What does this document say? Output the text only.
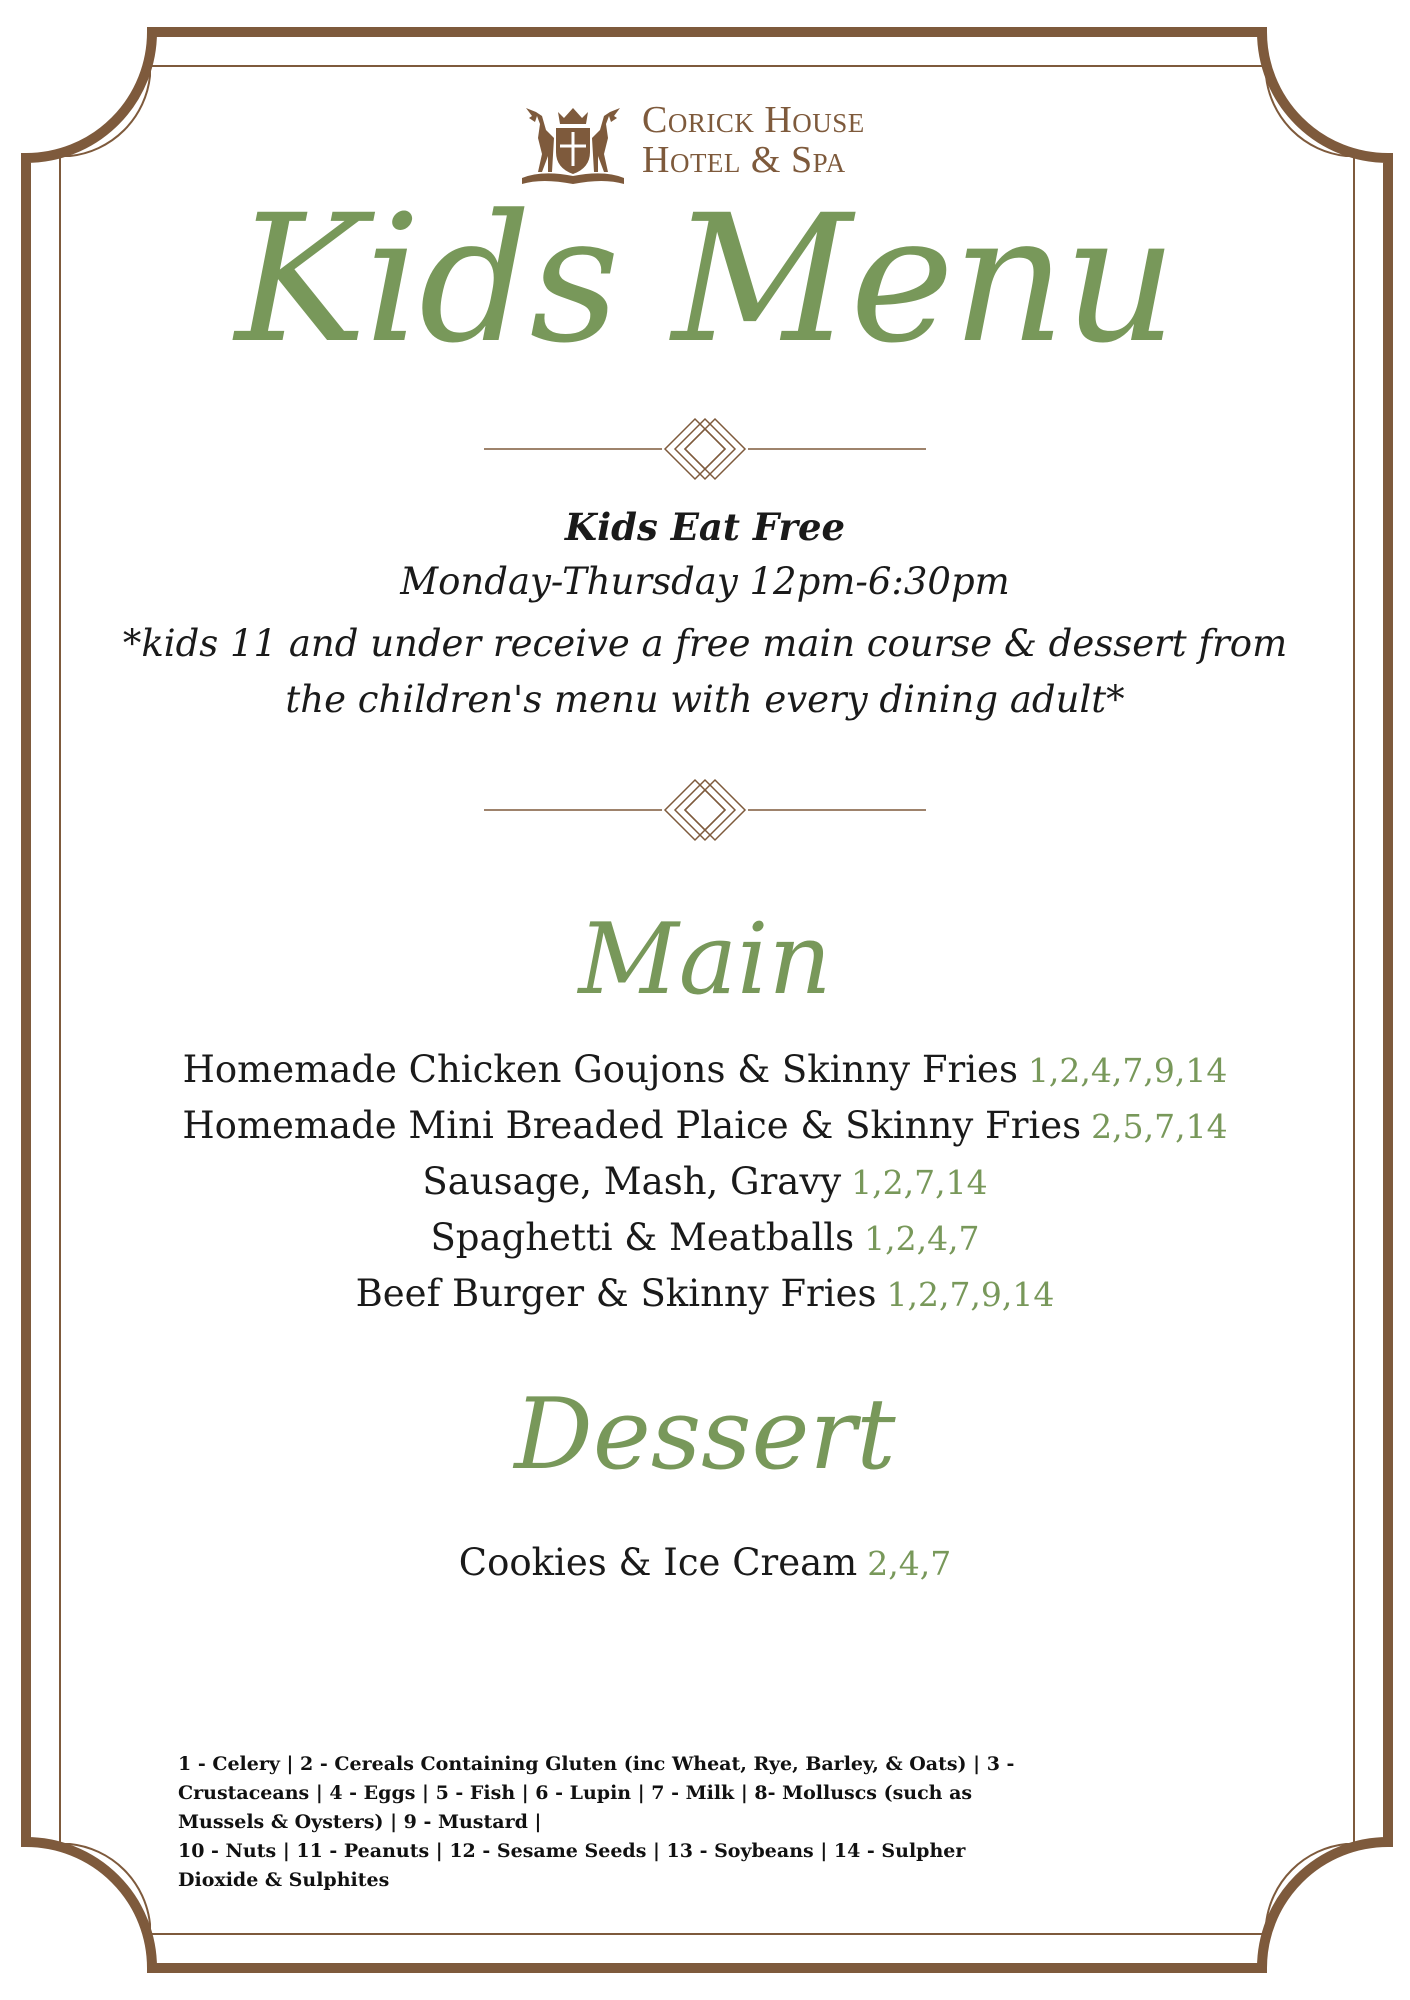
Corick House
Hotel & Spa
Kids Menu
Kids Eat Free
Monday-Thursday 12pm-6:30pm
*kids 11 and under receive a free main course & dessert from the children's menu with every dining adult*
Main
Homemade Chicken Goujons & Skinny Fries 1,2,4,7,9,14
Homemade Mini Breaded Plaice & Skinny Fries 2,5,7,14
Sausage, Mash, Gravy 1,2,7,14
Spaghetti & Meatballs 1,2,4,7
Beef Burger & Skinny Fries 1,2,7,9,14
Dessert
Cookies & Ice Cream 2,4,7

1 - Celery | 2 - Cereals Containing Gluten (inc Wheat, Rye, Barley, & Oats) | 3 - Crustaceans | 4 - Eggs | 5 - Fish | 6 - Lupin | 7 - Milk | 8- Molluscs (such as Mussels & Oysters) | 9 - Mustard |

10 - Nuts | 11 - Peanuts | 12 - Sesame Seeds | 13 - Soybeans | 14 - Sulpher Dioxide & Sulphites
